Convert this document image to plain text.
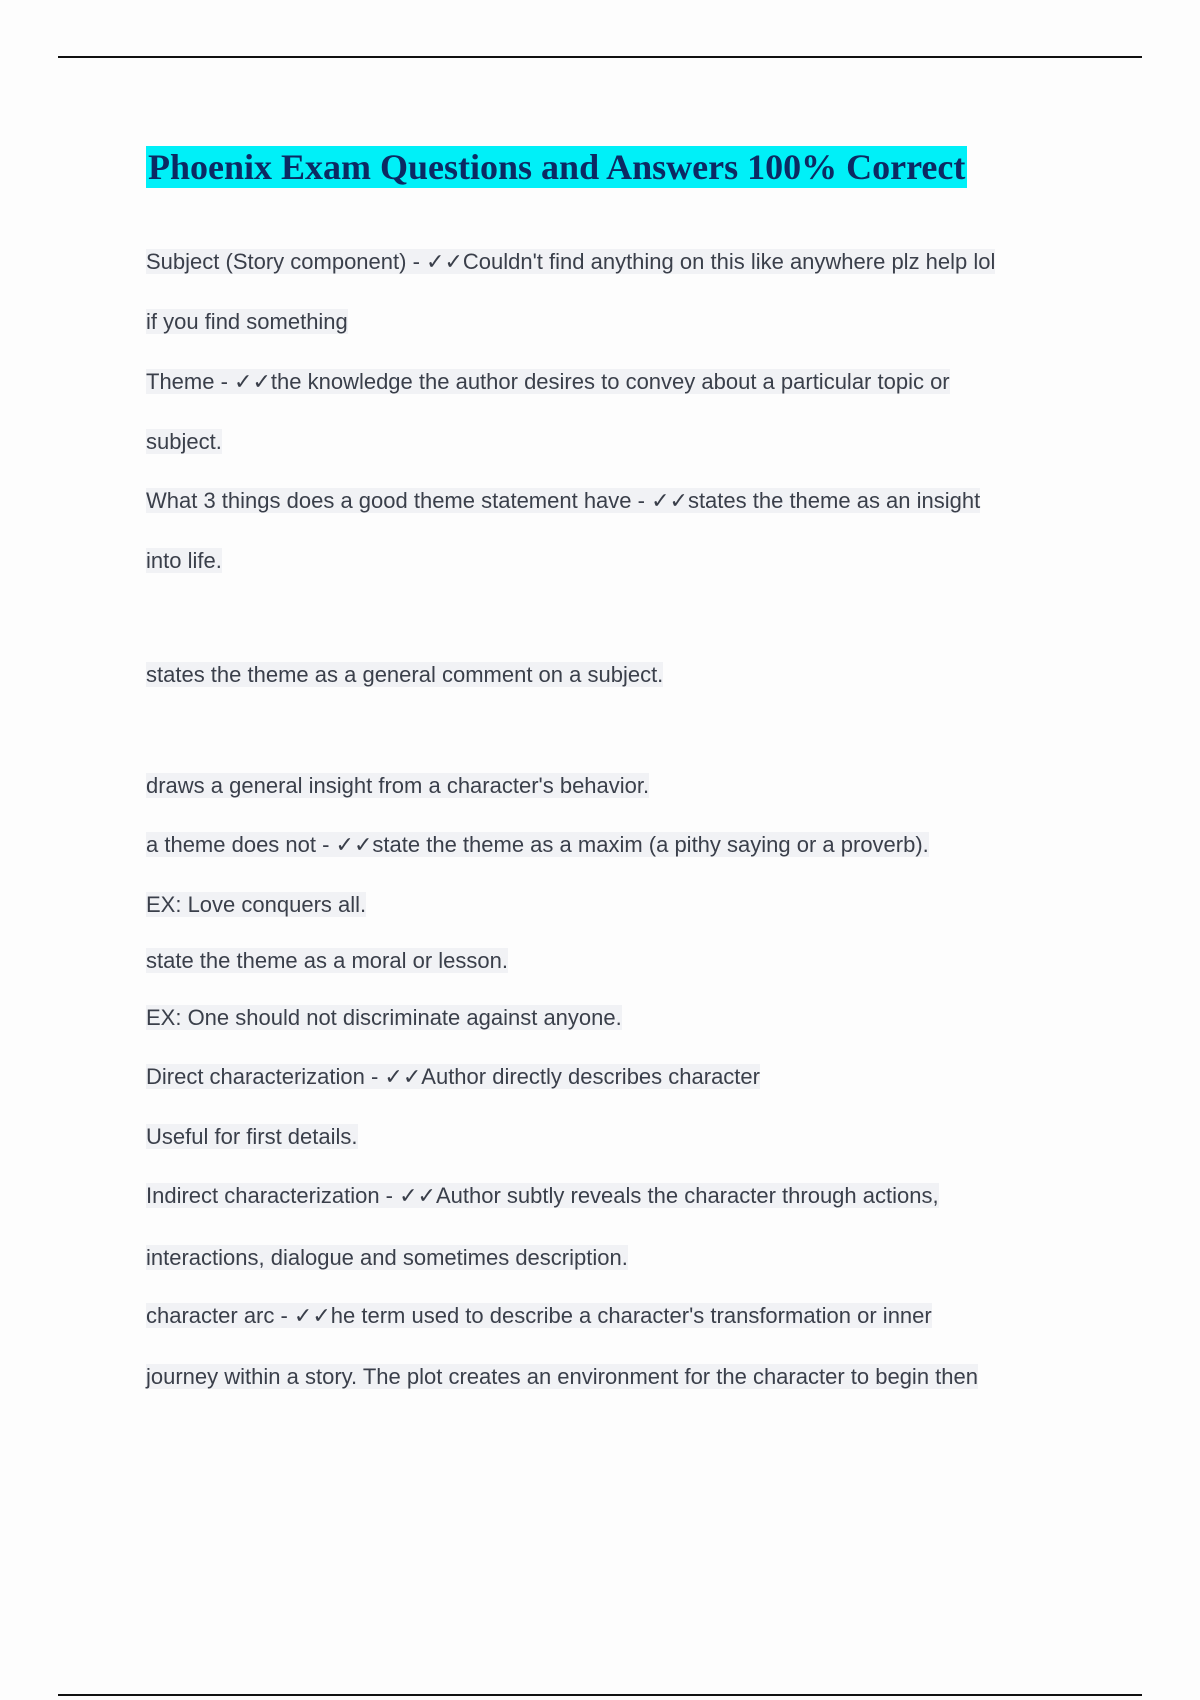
Phoenix Exam Questions and Answers 100% Correct
Subject (Story component) - ✓✓Couldn't find anything on this like anywhere plz help lol
if you find something
Theme - ✓✓the knowledge the author desires to convey about a particular topic or
subject.
What 3 things does a good theme statement have - ✓✓states the theme as an insight
into life.
states the theme as a general comment on a subject.
draws a general insight from a character's behavior.
a theme does not - ✓✓state the theme as a maxim (a pithy saying or a proverb).
EX: Love conquers all.
state the theme as a moral or lesson.
EX: One should not discriminate against anyone.
Direct characterization - ✓✓Author directly describes character
Useful for first details.
Indirect characterization - ✓✓Author subtly reveals the character through actions,
interactions, dialogue and sometimes description.
character arc - ✓✓he term used to describe a character's transformation or inner
journey within a story. The plot creates an environment for the character to begin then
